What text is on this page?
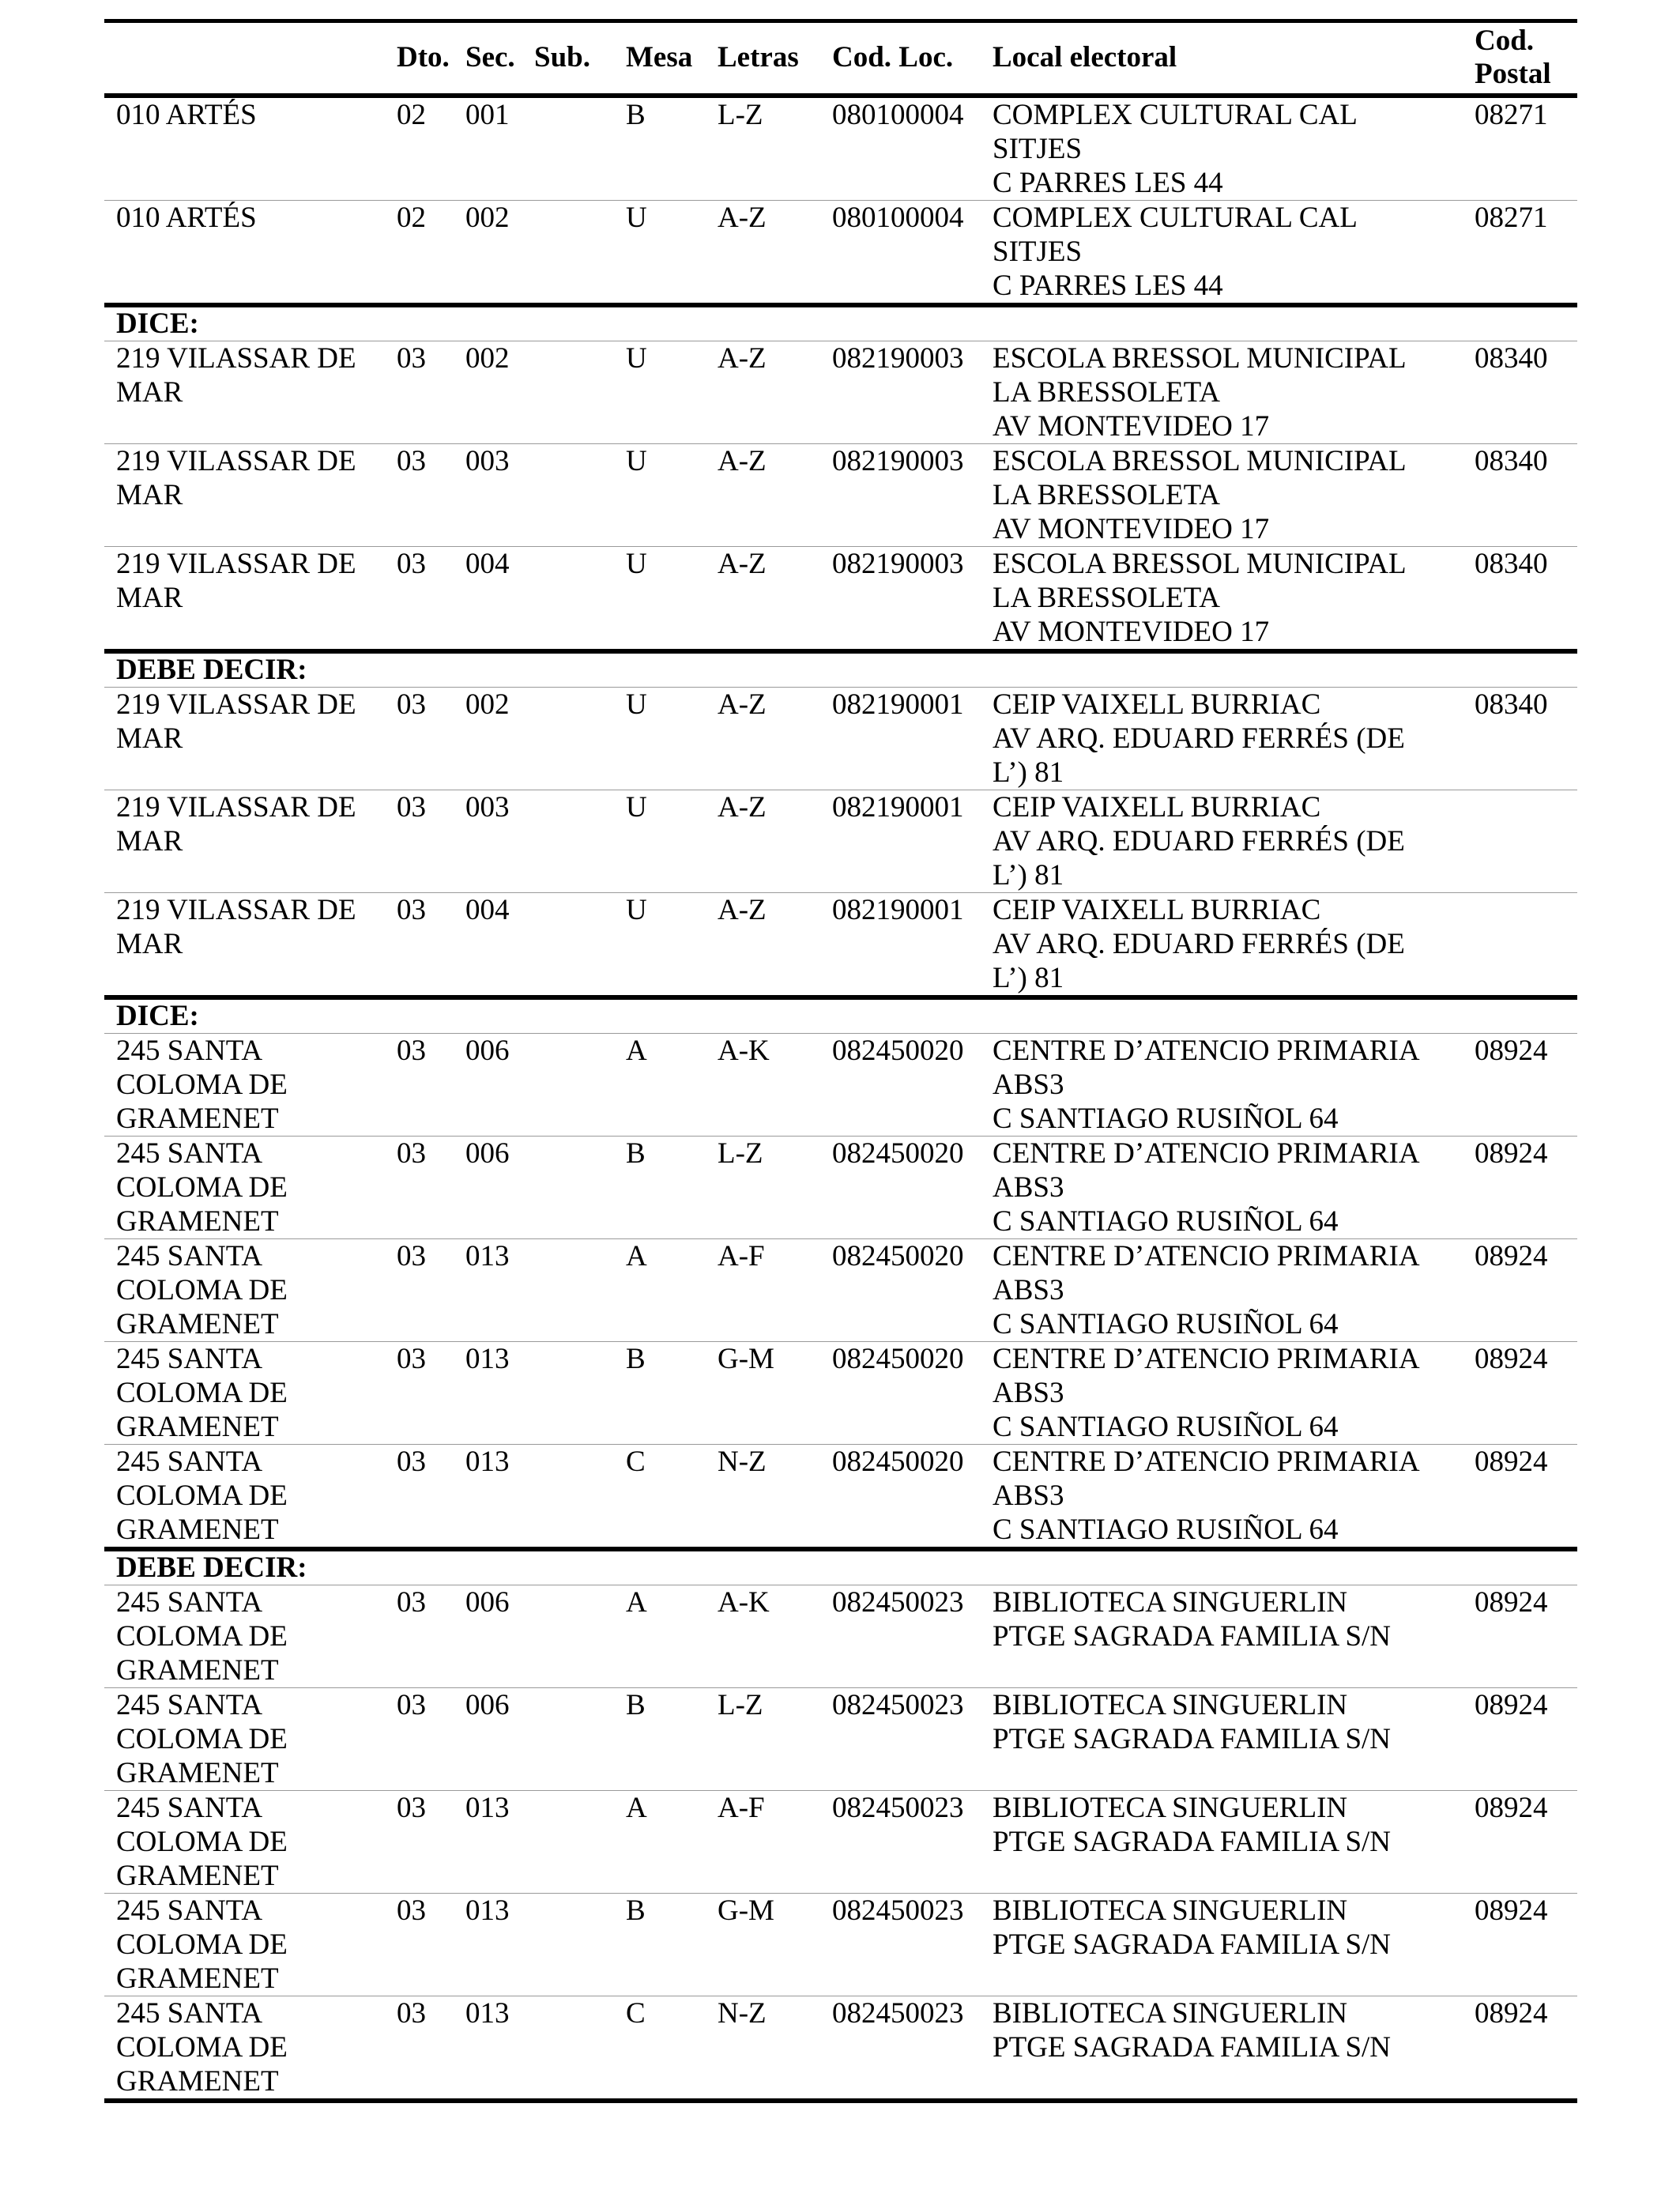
	Dto.	Sec.	Sub.	Mesa	Letras	Cod. Loc.	Local electoral	Cod.
Postal
010 ARTÉS	02	001		B	L-Z	080100004	COMPLEX CULTURAL CAL
SITJES
C PARRES LES 44	08271
010 ARTÉS	02	002		U	A-Z	080100004	COMPLEX CULTURAL CAL
SITJES
C PARRES LES 44	08271
DICE:								
219 VILASSAR DE
MAR	03	002		U	A-Z	082190003	ESCOLA BRESSOL MUNICIPAL
LA BRESSOLETA
AV MONTEVIDEO 17	08340
219 VILASSAR DE
MAR	03	003		U	A-Z	082190003	ESCOLA BRESSOL MUNICIPAL
LA BRESSOLETA
AV MONTEVIDEO 17	08340
219 VILASSAR DE
MAR	03	004		U	A-Z	082190003	ESCOLA BRESSOL MUNICIPAL
LA BRESSOLETA
AV MONTEVIDEO 17	08340
DEBE DECIR:								
219 VILASSAR DE
MAR	03	002		U	A-Z	082190001	CEIP VAIXELL BURRIAC
AV ARQ. EDUARD FERRÉS (DE
L’) 81	08340
219 VILASSAR DE
MAR	03	003		U	A-Z	082190001	CEIP VAIXELL BURRIAC
AV ARQ. EDUARD FERRÉS (DE
L’) 81	
219 VILASSAR DE
MAR	03	004		U	A-Z	082190001	CEIP VAIXELL BURRIAC
AV ARQ. EDUARD FERRÉS (DE
L’) 81	
DICE:								
245 SANTA
COLOMA DE
GRAMENET	03	006		A	A-K	082450020	CENTRE D’ATENCIO PRIMARIA
ABS3
C SANTIAGO RUSIÑOL 64	08924
245 SANTA
COLOMA DE
GRAMENET	03	006		B	L-Z	082450020	CENTRE D’ATENCIO PRIMARIA
ABS3
C SANTIAGO RUSIÑOL 64	08924
245 SANTA
COLOMA DE
GRAMENET	03	013		A	A-F	082450020	CENTRE D’ATENCIO PRIMARIA
ABS3
C SANTIAGO RUSIÑOL 64	08924
245 SANTA
COLOMA DE
GRAMENET	03	013		B	G-M	082450020	CENTRE D’ATENCIO PRIMARIA
ABS3
C SANTIAGO RUSIÑOL 64	08924
245 SANTA
COLOMA DE
GRAMENET	03	013		C	N-Z	082450020	CENTRE D’ATENCIO PRIMARIA
ABS3
C SANTIAGO RUSIÑOL 64	08924
DEBE DECIR:								
245 SANTA
COLOMA DE
GRAMENET	03	006		A	A-K	082450023	BIBLIOTECA SINGUERLIN
PTGE SAGRADA FAMILIA S/N	08924
245 SANTA
COLOMA DE
GRAMENET	03	006		B	L-Z	082450023	BIBLIOTECA SINGUERLIN
PTGE SAGRADA FAMILIA S/N	08924
245 SANTA
COLOMA DE
GRAMENET	03	013		A	A-F	082450023	BIBLIOTECA SINGUERLIN
PTGE SAGRADA FAMILIA S/N	08924
245 SANTA
COLOMA DE
GRAMENET	03	013		B	G-M	082450023	BIBLIOTECA SINGUERLIN
PTGE SAGRADA FAMILIA S/N	08924
245 SANTA
COLOMA DE
GRAMENET	03	013		C	N-Z	082450023	BIBLIOTECA SINGUERLIN
PTGE SAGRADA FAMILIA S/N	08924
